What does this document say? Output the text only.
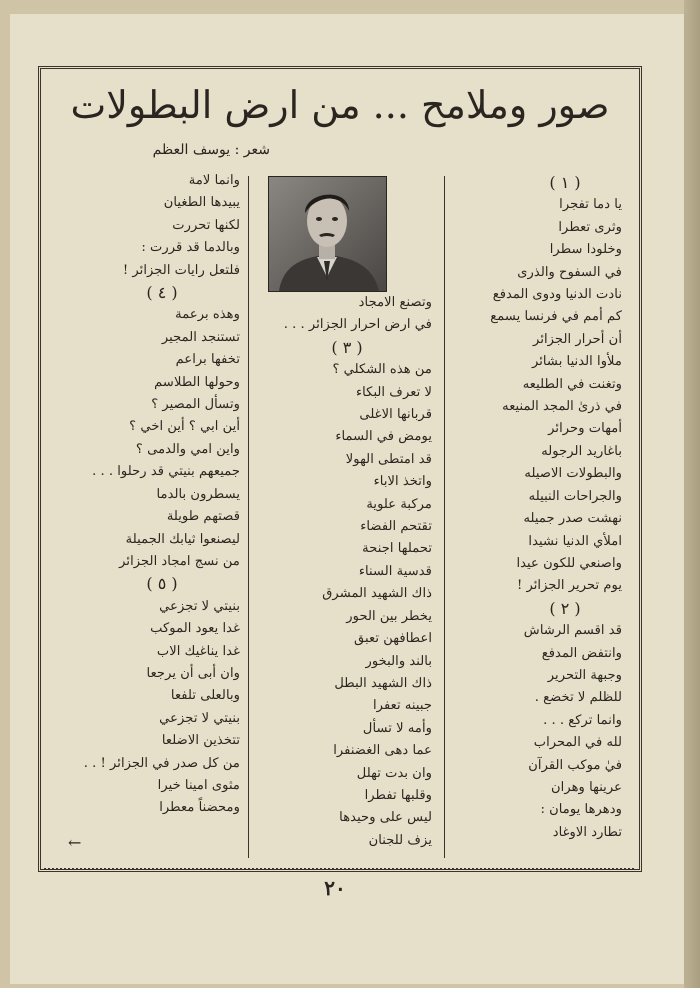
صور وملامح ... من ارض البطولات
شعر : يوسف العظم
( ١ )
يا دما تفجرا
وثرى تعطرا
وخلودا سطرا
في السفوح والذرى
نادت الدنيا ودوى المدفع
كم أمم في فرنسا يسمع
أن أحرار الجزائر
ملأوا الدنيا بشائر
وتغنت في الطليعه
في ذرىٰ المجد المنيعه
أمهات وحرائر
باغاريد الرجوله
والبطولات الاصيله
والجراحات النبيله
نهشت صدر جميله
املأي الدنيا نشيدا
واصنعي للكون عيدا
يوم تحرير الجزائر !
( ٢ )
قد اقسم الرشاش
وانتفض المدفع
وجبهة التحرير
للظلم لا تخضع .
وانما تركع . . .
لله في المحراب
فيٰ موكب القرآن
عرينها وهران
ودهرها يومان :
تطارد الاوغاد
وتصنع الامجاد
في ارض احرار الجزائر . . .
( ٣ )
من هذه الشكلي ؟
لا تعرف البكاء
قربانها الاغلى
يومض في السماء
قد امتطى الهولا
واتخذ الاباء
مركبة علوية
تقتحم الفضاء
تحملها اجنحة
قدسية السناء
ذاك الشهيد المشرق
يخطر بين الحور
اعطافهن تعبق
بالند والبخور
ذاك الشهيد البطل
جبينه تعفرا
وأمه لا تسأل
عما دهى الغضنفرا
وان بدت تهلل
وقلبها تفطرا
ليس على وحيدها
يزف للجنان
وانما لامة
يبيدها الطغيان
لكنها تحررت
وبالدما قد قررت :
فلتعل رايات الجزائر !
( ٤ )
وهذه برعمة
تستنجد المجير
تخفها براعم
وحولها الطلاسم
وتسأل المصير ؟
أين ابي ؟ أين اخي ؟
واين امي والدمى ؟
جميعهم بنيتي قد رحلوا . . .
يسطرون بالدما
قصتهم طويلة
ليصنعوا ثيابك الجميلة
من نسج امجاد الجزائر
( ٥ )
بنيتي لا تجزعي
غدا يعود الموكب
غدا يناغيك الاب
وان أبى أن يرجعا
وبالعلى تلفعا
بنيتي لا تجزعي
تتخذين الاضلعا
من كل صدر في الجزائر ! . .
مثوى امينا خيرا
ومحضناً معطرا
←
٢٠
